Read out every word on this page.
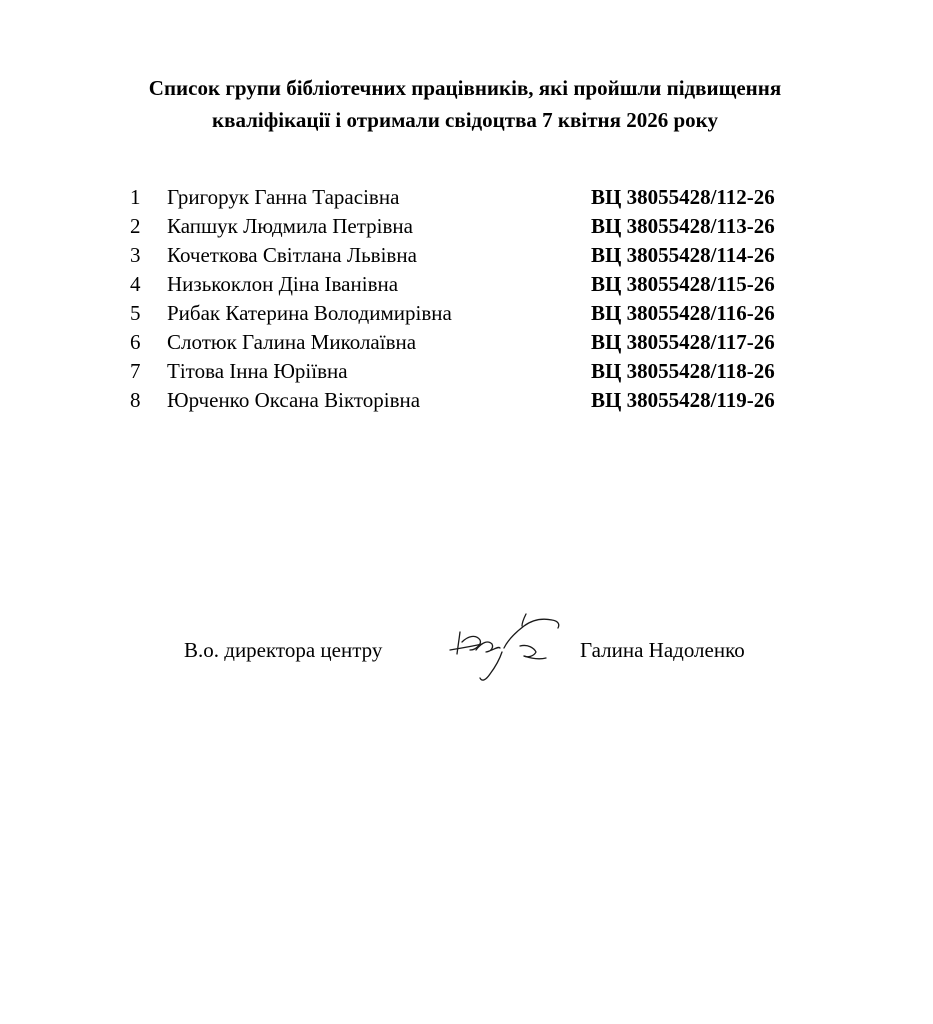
Список групи бібліотечних працівників, які пройшли підвищення
кваліфікації і отримали свідоцтва 7 квітня 2026 року
1	Григорук Ганна Тарасівна	ВЦ 38055428/112-26
2	Капшук Людмила Петрівна	ВЦ 38055428/113-26
3	Кочеткова Світлана Львівна	ВЦ 38055428/114-26
4	Низькоклон Діна Іванівна	ВЦ 38055428/115-26
5	Рибак Катерина Володимирівна	ВЦ 38055428/116-26
6	Слотюк Галина Миколаївна	ВЦ 38055428/117-26
7	Тітова Інна Юріївна	ВЦ 38055428/118-26
8	Юрченко Оксана Вікторівна	ВЦ 38055428/119-26
В.о. директора центру	Галина Надоленко
